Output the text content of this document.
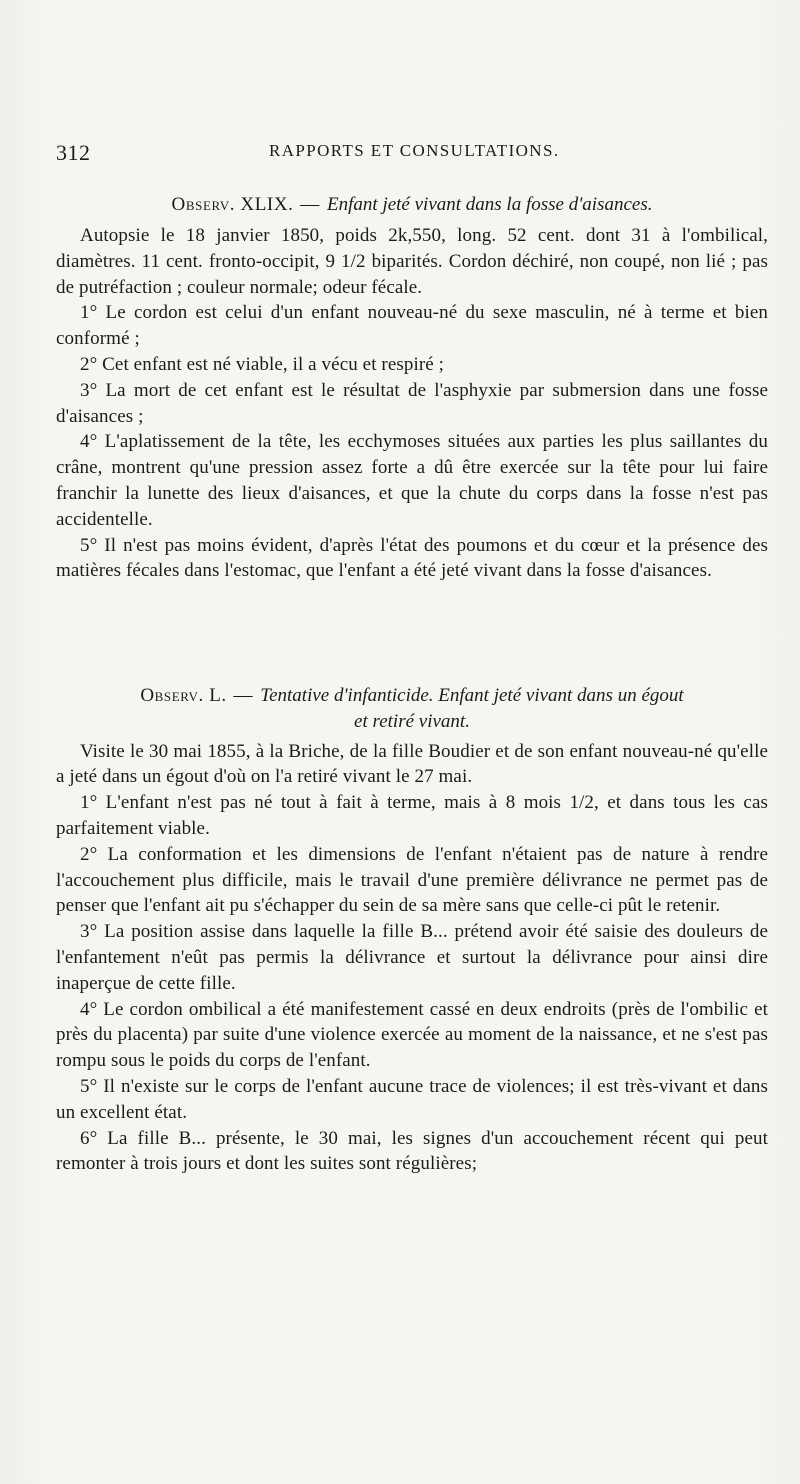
312	RAPPORTS ET CONSULTATIONS.
Observ. XLIX. — Enfant jeté vivant dans la fosse d'aisances.

Autopsie le 18 janvier 1850, poids 2k,550, long. 52 cent. dont 31 à l'ombilical, diamètres. 11 cent. fronto-occipit, 9 1/2 biparités. Cordon déchiré, non coupé, non lié ; pas de putréfaction ; couleur normale; odeur fécale.

1° Le cordon est celui d'un enfant nouveau-né du sexe masculin, né à terme et bien conformé ;

2° Cet enfant est né viable, il a vécu et respiré ;

3° La mort de cet enfant est le résultat de l'asphyxie par submersion dans une fosse d'aisances ;

4° L'aplatissement de la tête, les ecchymoses situées aux parties les plus saillantes du crâne, montrent qu'une pression assez forte a dû être exercée sur la tête pour lui faire franchir la lunette des lieux d'aisances, et que la chute du corps dans la fosse n'est pas accidentelle.

5° Il n'est pas moins évident, d'après l'état des poumons et du cœur et la présence des matières fécales dans l'estomac, que l'enfant a été jeté vivant dans la fosse d'aisances.

Observ. L. — Tentative d'infanticide. Enfant jeté vivant dans un égout
et retiré vivant.

Visite le 30 mai 1855, à la Briche, de la fille Boudier et de son enfant nouveau-né qu'elle a jeté dans un égout d'où on l'a retiré vivant le 27 mai.

1° L'enfant n'est pas né tout à fait à terme, mais à 8 mois 1/2, et dans tous les cas parfaitement viable.

2° La conformation et les dimensions de l'enfant n'étaient pas de nature à rendre l'accouchement plus difficile, mais le travail d'une première délivrance ne permet pas de penser que l'enfant ait pu s'échapper du sein de sa mère sans que celle-ci pût le retenir.

3° La position assise dans laquelle la fille B... prétend avoir été saisie des douleurs de l'enfantement n'eût pas permis la délivrance et surtout la délivrance pour ainsi dire inaperçue de cette fille.

4° Le cordon ombilical a été manifestement cassé en deux endroits (près de l'ombilic et près du placenta) par suite d'une violence exercée au moment de la naissance, et ne s'est pas rompu sous le poids du corps de l'enfant.

5° Il n'existe sur le corps de l'enfant aucune trace de violences; il est très-vivant et dans un excellent état.

6° La fille B... présente, le 30 mai, les signes d'un accouchement récent qui peut remonter à trois jours et dont les suites sont régulières;
